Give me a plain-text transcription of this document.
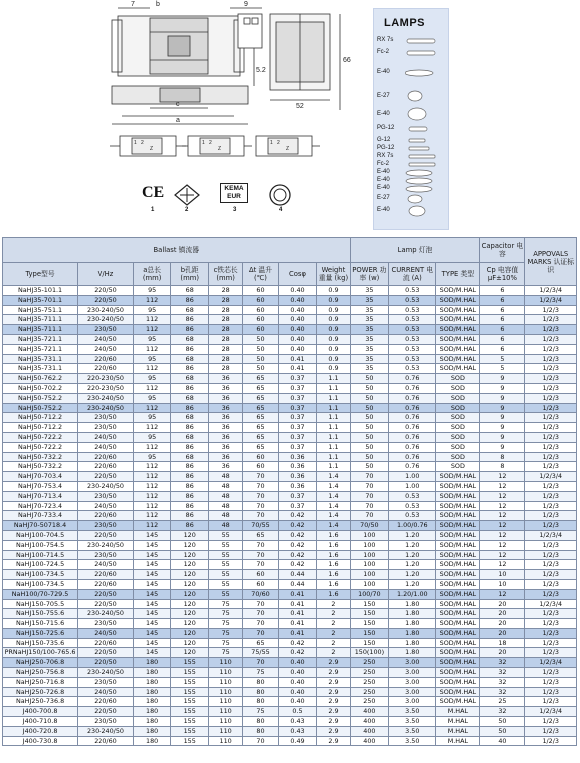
7	b	9
5.2
c
a
66
52
1 2
Z
1 2
Z
1 2
Z
CE
1	2
KEMA EUR
3	4
LAMPS
RX 7s
Fc-2
E-40
E-27
E-40
PG-12
G-12
PG-12
RX 7s
Fc-2
E-40
E-40
E-40
E-27
E-40
Ballast 镇流器								Lamp 灯泡			Capacitor 电容	APPOVALS MARKS 认证标识
Type型号	V/Hz	a总长 (mm)	b孔距 (mm)	c铁芯长 (mm)	Δt 温升 (℃)	Cosφ	Weight 重量 (kg)	POWER 功率 (w)	CURRENT 电流 (A)	TYPE 类型	Cp 电容值 μF±10%	
NaHJ35-101.1	220/50	95	68	28	60	0.40	0.9	35	0.53	SOD/M.HAL	6	1/2/3/4
NaHJ35-701.1	220/50	112	86	28	60	0.40	0.9	35	0.53	SOD/M.HAL	6	1/2/3/4
NaHJ35-751.1	230-240/50	95	68	28	60	0.40	0.9	35	0.53	SOD/M.HAL	6	1/2/3
NaHJ35-711.1	230-240/50	112	86	28	60	0.40	0.9	35	0.53	SOD/M.HAL	6	1/2/3
NaHJ35-711.1	230/50	112	86	28	60	0.40	0.9	35	0.53	SOD/M.HAL	6	1/2/3
NaHJ35-721.1	240/50	95	68	28	50	0.40	0.9	35	0.53	SOD/M.HAL	6	1/2/3
NaHJ35-721.1	240/50	112	86	28	50	0.40	0.9	35	0.53	SOD/M.HAL	6	1/2/3
NaHJ35-731.1	220/60	95	68	28	50	0.41	0.9	35	0.53	SOD/M.HAL	5	1/2/3
NaHJ35-731.1	220/60	112	86	28	50	0.41	0.9	35	0.53	SOD/M.HAL	5	1/2/3
NaHJ50-762.2	220-230/50	95	68	36	65	0.37	1.1	50	0.76	SOD	9	1/2/3
NaHJ50-702.2	220-230/50	112	86	36	65	0.37	1.1	50	0.76	SOD	9	1/2/3
NaHJ50-752.2	230-240/50	95	68	36	65	0.37	1.1	50	0.76	SOD	9	1/2/3
NaHJ50-752.2	230-240/50	112	86	36	65	0.37	1.1	50	0.76	SOD	9	1/2/3
NaHJ50-712.2	230/50	95	68	36	65	0.37	1.1	50	0.76	SOD	9	1/2/3
NaHJ50-712.2	230/50	112	86	36	65	0.37	1.1	50	0.76	SOD	9	1/2/3
NaHJ50-722.2	240/50	95	68	36	65	0.37	1.1	50	0.76	SOD	9	1/2/3
NaHJ50-722.2	240/50	112	86	36	65	0.37	1.1	50	0.76	SOD	9	1/2/3
NaHJ50-732.2	220/60	95	68	36	60	0.36	1.1	50	0.76	SOD	8	1/2/3
NaHJ50-732.2	220/60	112	86	36	60	0.36	1.1	50	0.76	SOD	8	1/2/3
NaHJ70-703.4	220/50	112	86	48	70	0.36	1.4	70	1.00	SOD/M.HAL	12	1/2/3/4
NaHJ70-753.4	230-240/50	112	86	48	70	0.36	1.4	70	1.00	SOD/M.HAL	12	1/2/3
NaHJ70-713.4	230/50	112	86	48	70	0.37	1.4	70	0.53	SOD/M.HAL	12	1/2/3
NaHJ70-723.4	240/50	112	86	48	70	0.37	1.4	70	0.53	SOD/M.HAL	12	1/2/3
NaHJ70-733.4	220/60	112	86	48	70	0.42	1.4	70	0.53	SOD/M.HAL	12	1/2/3
NaHJ70-50718.4	230/50	112	86	48	70/55	0.42	1.4	70/50	1.00/0.76	SOD/M.HAL	12	1/2/3
NaHJ100-704.5	220/50	145	120	55	65	0.42	1.6	100	1.20	SOD/M.HAL	12	1/2/3/4
NaHJ100-754.5	230-240/50	145	120	55	70	0.42	1.6	100	1.20	SOD/M.HAL	12	1/2/3
NaHJ100-714.5	230/50	145	120	55	70	0.42	1.6	100	1.20	SOD/M.HAL	12	1/2/3
NaHJ100-724.5	240/50	145	120	55	70	0.42	1.6	100	1.20	SOD/M.HAL	12	1/2/3
NaHJ100-734.5	220/60	145	120	55	60	0.44	1.6	100	1.20	SOD/M.HAL	10	1/2/3
NaHJ100-734.5	220/60	145	120	55	60	0.44	1.6	100	1.20	SOD/M.HAL	10	1/2/3
NaH100/70-729.5	220/50	145	120	55	70/60	0.41	1.6	100/70	1.20/1.00	SOD/M.HAL	12	1/2/3
NaHJ150-705.5	220/50	145	120	75	70	0.41	2	150	1.80	SOD/M.HAL	20	1/2/3/4
NaHJ150-755.6	230-240/50	145	120	75	70	0.41	2	150	1.80	SOD/M.HAL	20	1/2/3
NaHJ150-715.6	230/50	145	120	75	70	0.41	2	150	1.80	SOD/M.HAL	20	1/2/3
NaHJ150-725.6	240/50	145	120	75	70	0.41	2	150	1.80	SOD/M.HAL	20	1/2/3
NaHJ150-735.6	220/60	145	120	75	65	0.42	2	150	1.80	SOD/M.HAL	18	1/2/3
PRNaHJ150/100-765.6	220/50	145	120	75	75/55	0.42	2	150(100)	1.80	SOD/M.HAL	20	1/2/3
NaHJ250-706.8	220/50	180	155	110	70	0.40	2.9	250	3.00	SOD/M.HAL	32	1/2/3/4
NaHJ250-756.8	230-240/50	180	155	110	75	0.40	2.9	250	3.00	SOD/M.HAL	32	1/2/3
NaHJ250-716.8	230/50	180	155	110	80	0.40	2.9	250	3.00	SOD/M.HAL	32	1/2/3
NaHJ250-726.8	240/50	180	155	110	80	0.40	2.9	250	3.00	SOD/M.HAL	32	1/2/3
NaHJ250-736.8	220/60	180	155	110	80	0.40	2.9	250	3.00	SOD/M.HAL	25	1/2/3
J400-700.8	220/50	180	155	110	75	0.5	2.9	400	3.50	M.HAL	32	1/2/3/4
J400-710.8	230/50	180	155	110	80	0.43	2.9	400	3.50	M.HAL	50	1/2/3
J400-720.8	230-240/50	180	155	110	80	0.43	2.9	400	3.50	M.HAL	50	1/2/3
J400-730.8	220/60	180	155	110	70	0.49	2.9	400	3.50	M.HAL	40	1/2/3
